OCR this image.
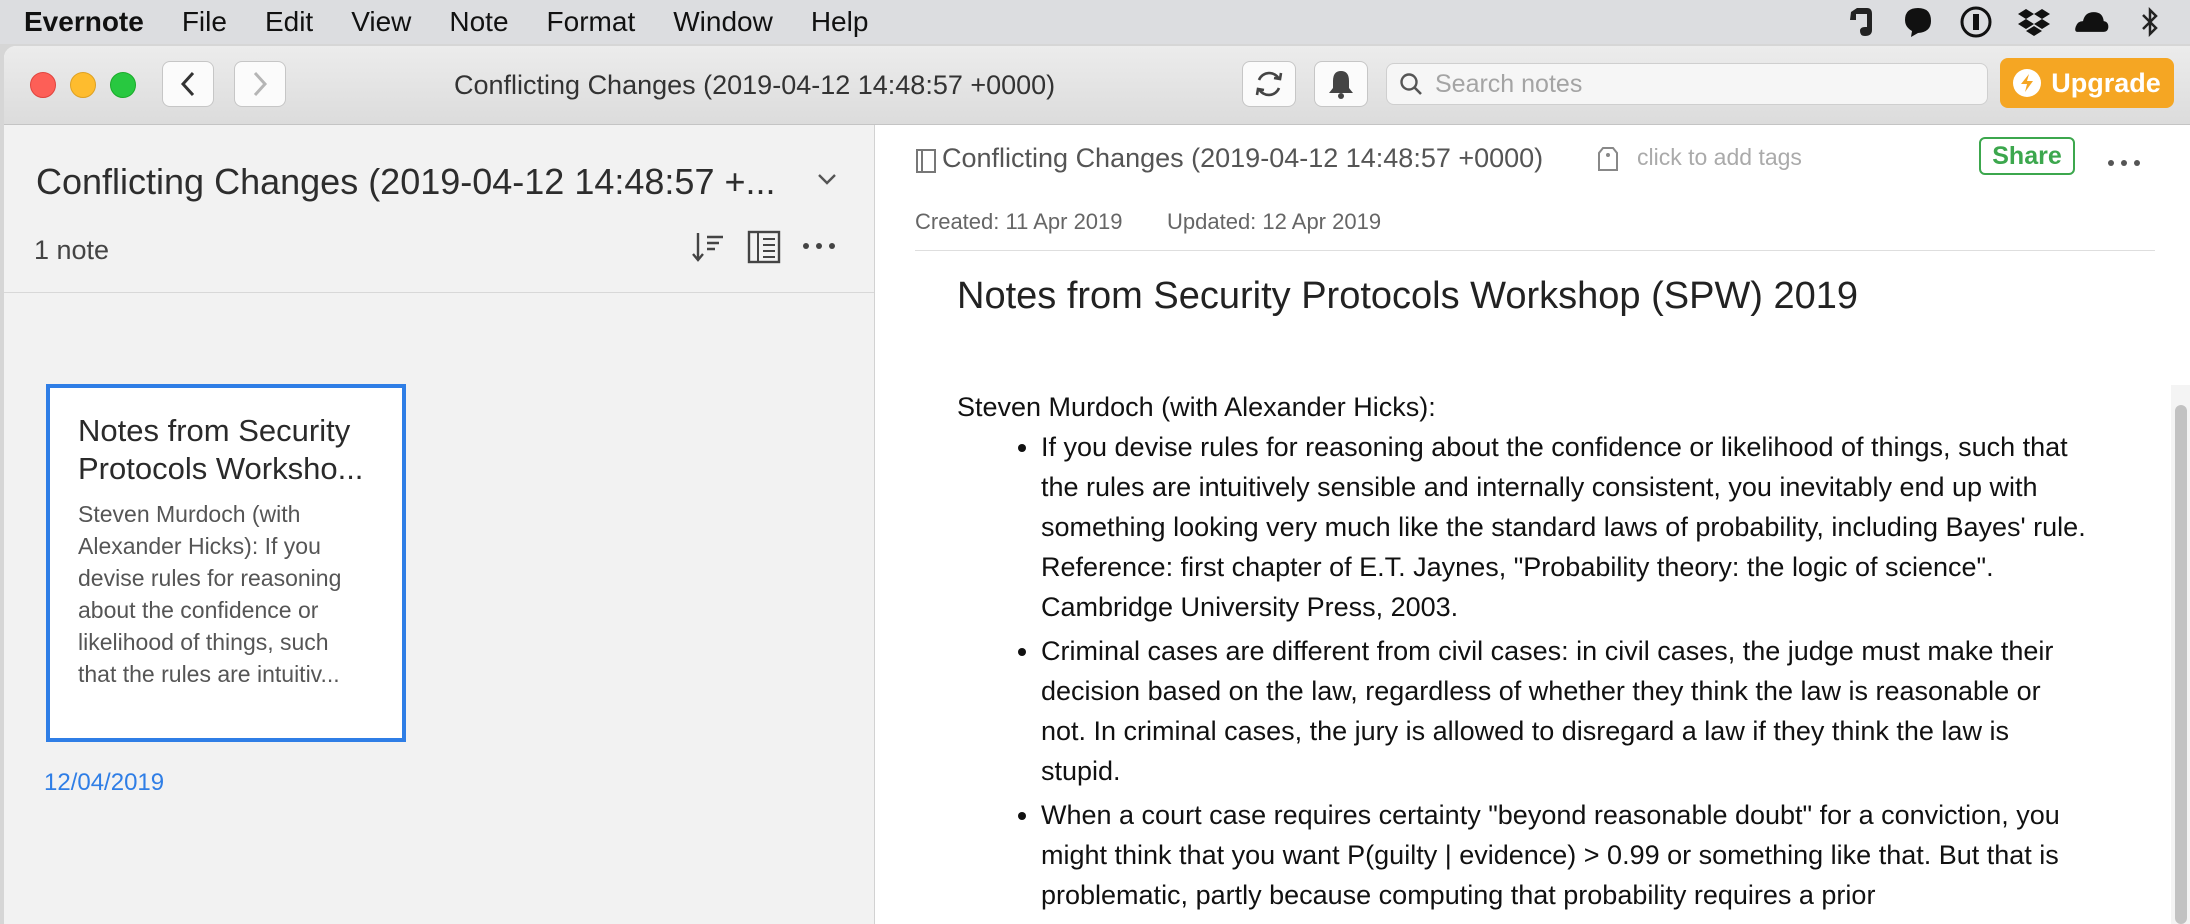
Evernote File Edit View Note Format Window Help
Conflicting Changes (2019-04-12 14:48:57 +0000)
Search notes	Upgrade
Conflicting Changes (2019-04-12 14:48:57 +...
1 note
Notes from Security Protocols Worksho...
Steven Murdoch (with
Alexander Hicks): If you
devise rules for reasoning
about the confidence or
likelihood of things, such
that the rules are intuitiv...
12/04/2019
Conflicting Changes (2019-04-12 14:48:57 +0000)	click to add tags	Share
Created: 11 Apr 2019 Updated: 12 Apr 2019
Notes from Security Protocols Workshop (SPW) 2019

Steven Murdoch (with Alexander Hicks):

• If you devise rules for reasoning about the confidence or likelihood of things, such that the rules are intuitively sensible and internally consistent, you inevitably end up with something looking very much like the standard laws of probability, including Bayes' rule. Reference: first chapter of E.T. Jaynes, "Probability theory: the logic of science". Cambridge University Press, 2003.
• Criminal cases are different from civil cases: in civil cases, the judge must make their decision based on the law, regardless of whether they think the law is reasonable or not. In criminal cases, the jury is allowed to disregard a law if they think the law is stupid.
• When a court case requires certainty "beyond reasonable doubt" for a conviction, you might think that you want P(guilty | evidence) > 0.99 or something like that. But that is problematic, partly because computing that probability requires a prior
